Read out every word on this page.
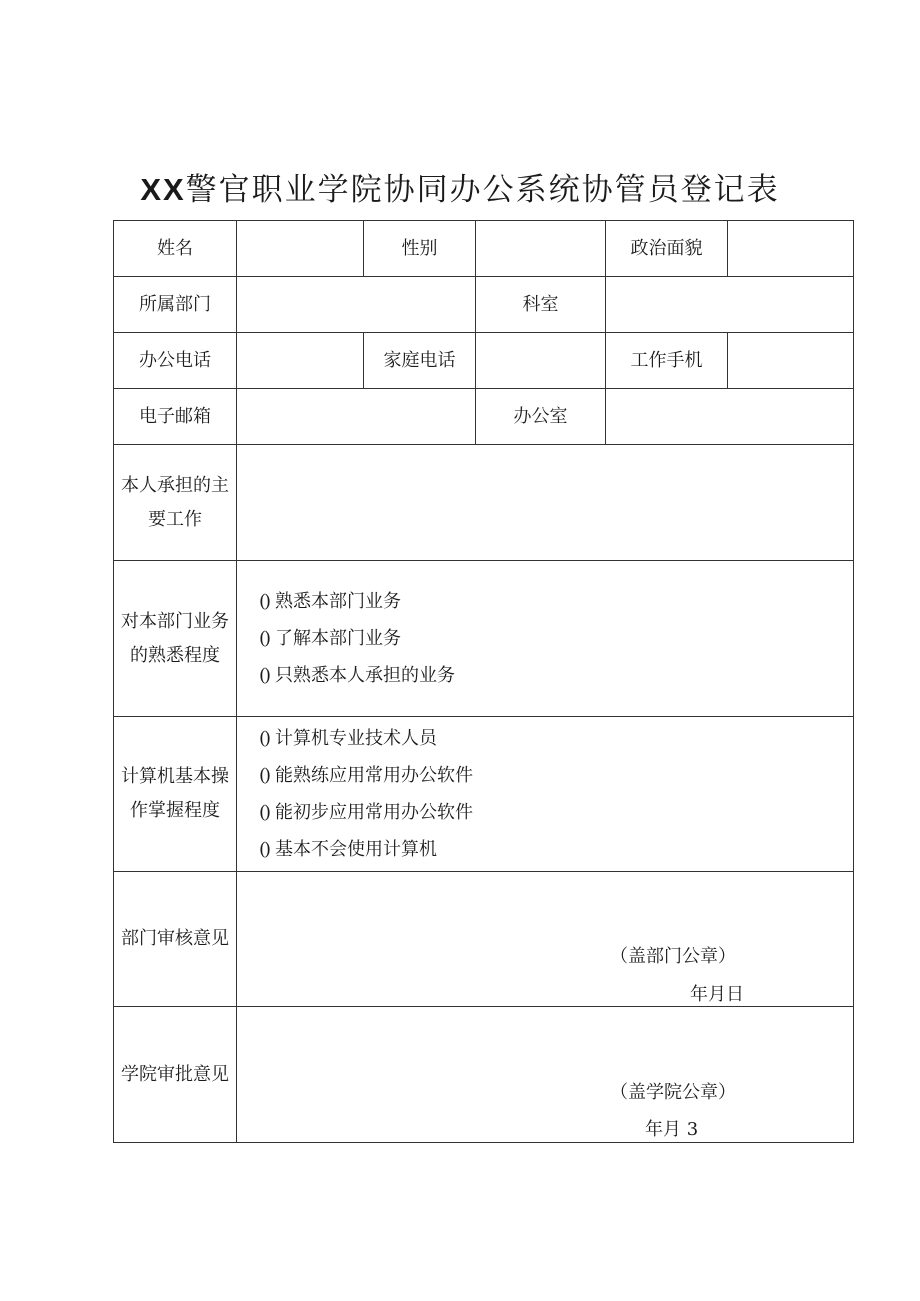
XX警官职业学院协同办公系统协管员登记表
姓名		性别		政治面貌	
所属部门			科室		
办公电话		家庭电话		工作手机	
电子邮箱			办公室		
本人承担的主要工作					
对本部门业务的熟悉程度	() 熟悉本部门业务
() 了解本部门业务
() 只熟悉本人承担的业务				

计算机基本操作掌握程度	() 计算机专业技术人员
() 能熟练应用常用办公软件
() 能初步应用常用办公软件
() 基本不会使用计算机				

部门审核意见	（盖部门公章）
年月日				

学院审批意见	（盖学院公章）
年月 3				
